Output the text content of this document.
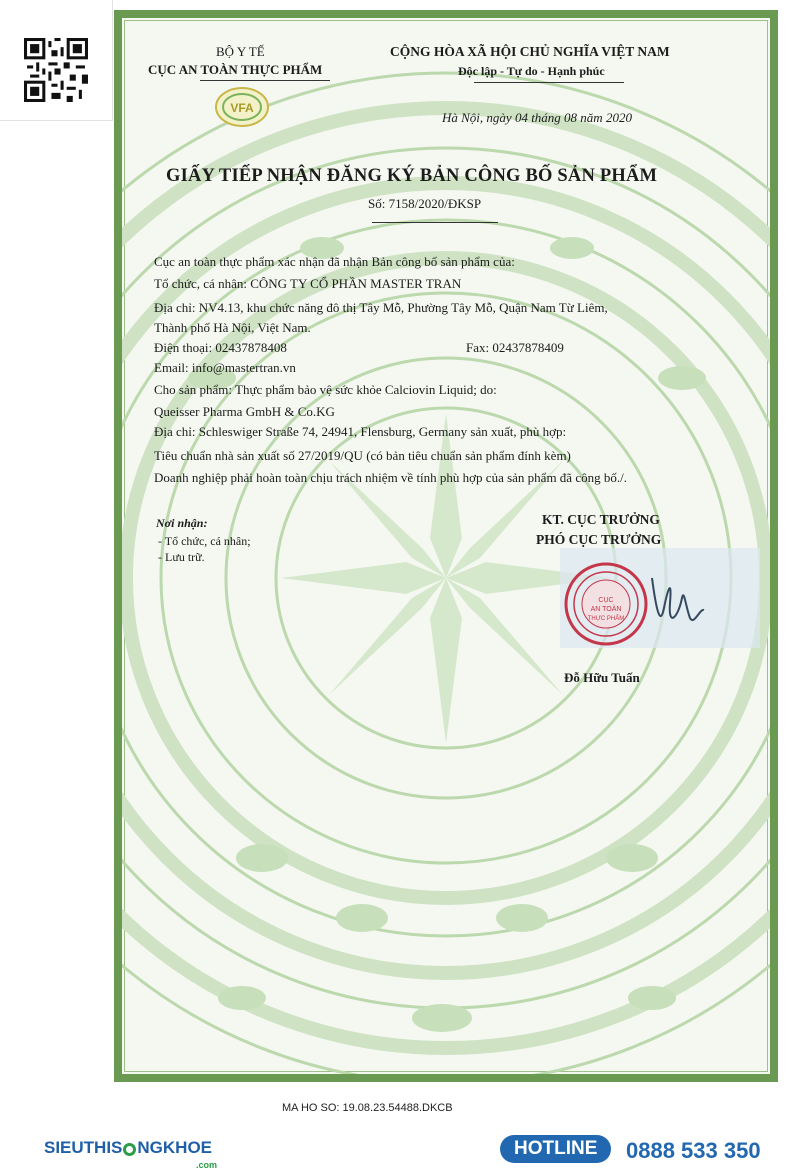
BỘ Y TẾ
CỤC AN TOÀN THỰC PHẨM
VFA
CỘNG HÒA XÃ HỘI CHỦ NGHĨA VIỆT NAM
Độc lập - Tự do - Hạnh phúc
Hà Nội, ngày 04 tháng 08 năm 2020
GIẤY TIẾP NHẬN ĐĂNG KÝ BẢN CÔNG BỐ SẢN PHẨM
Số: 7158/2020/ĐKSP
Cục an toàn thực phẩm xác nhận đã nhận Bản công bố sản phẩm của:
Tổ chức, cá nhân: CÔNG TY CỔ PHẦN MASTER TRAN
Địa chỉ: NV4.13, khu chức năng đô thị Tây Mỗ, Phường Tây Mỗ, Quận Nam Từ Liêm,
Thành phố Hà Nội, Việt Nam.
Điện thoại: 02437878408	Fax: 02437878409
Email: info@mastertran.vn
Cho sản phẩm: Thực phẩm bảo vệ sức khỏe Calciovin Liquid; do:
Queisser Pharma GmbH & Co.KG
Địa chỉ: Schleswiger Straße 74, 24941, Flensburg, Germany sản xuất, phù hợp:
Tiêu chuẩn nhà sản xuất số 27/2019/QU (có bản tiêu chuẩn sản phẩm đính kèm)
Doanh nghiệp phải hoàn toàn chịu trách nhiệm về tính phù hợp của sản phẩm đã công bố./.
Nơi nhận:
- Tổ chức, cá nhân;
- Lưu trữ.
KT. CỤC TRƯỞNG
PHÓ CỤC TRƯỞNG
CỤC
AN TOÀN
THỰC PHẨM
Đỗ Hữu Tuấn
MA HO SO: 19.08.23.54488.DKCB
SIEUTHIS NGKHOE
.com
HOTLINE	0888 533 350
